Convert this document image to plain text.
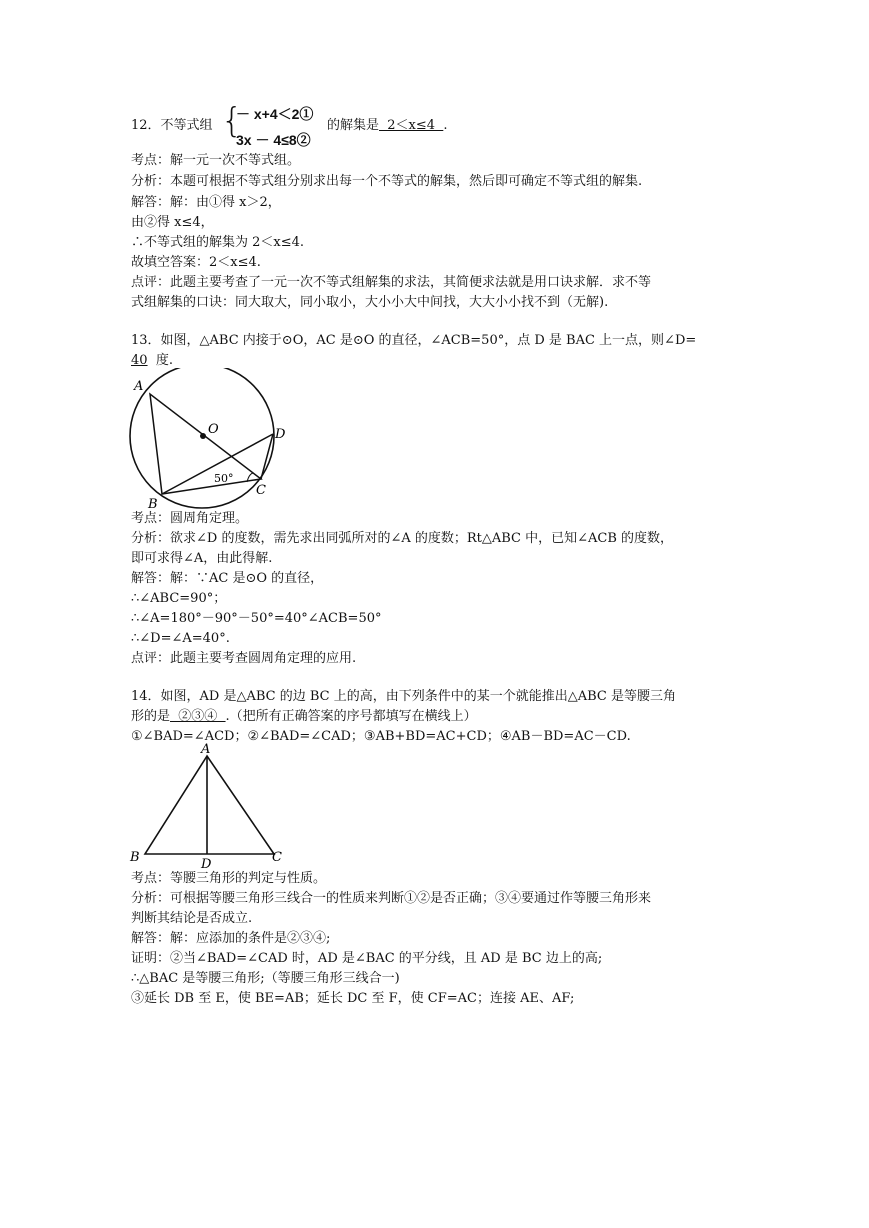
12．不等式组 {
－ x+4＜2①
3x － 4≤8②
的解集是  2＜x≤4  .
考点：解一元一次不等式组。
分析：本题可根据不等式组分别求出每一个不等式的解集，然后即可确定不等式组的解集.
解答：解：由①得 x＞2，
由②得 x≤4，
∴不等式组的解集为 2＜x≤4.
故填空答案：2＜x≤4.
点评：此题主要考查了一元一次不等式组解集的求法，其简便求法就是用口诀求解．求不等
式组解集的口诀：同大取大，同小取小，大小小大中间找，大大小小找不到（无解).
13．如图，△ABC 内接于⊙O，AC 是⊙O 的直径，∠ACB=50°，点 D 是 BAC 上一点，则∠D=
40 度.
A
O	D
B
C
50°
考点：圆周角定理。
分析：欲求∠D 的度数，需先求出同弧所对的∠A 的度数；Rt△ABC 中，已知∠ACB 的度数，
即可求得∠A，由此得解.
解答：解：∵AC 是⊙O 的直径，
∴∠ABC=90°；
∴∠A=180°－90°－50°=40°∠ACB=50°
∴∠D=∠A=40°.
点评：此题主要考查圆周角定理的应用.
14．如图，AD 是△ABC 的边 BC 上的高，由下列条件中的某一个就能推出△ABC 是等腰三角
形的是  ②③④  .（把所有正确答案的序号都填写在横线上）
①∠BAD=∠ACD；②∠BAD=∠CAD；③AB+BD=AC+CD；④AB－BD=AC－CD.
A
B	D	C
考点：等腰三角形的判定与性质。
分析：可根据等腰三角形三线合一的性质来判断①②是否正确；③④要通过作等腰三角形来
判断其结论是否成立.
解答：解：应添加的条件是②③④;
证明：②当∠BAD=∠CAD 时，AD 是∠BAC 的平分线，且 AD 是 BC 边上的高;
∴△BAC 是等腰三角形;（等腰三角形三线合一)
③延长 DB 至 E，使 BE=AB；延长 DC 至 F，使 CF=AC；连接 AE、AF;
